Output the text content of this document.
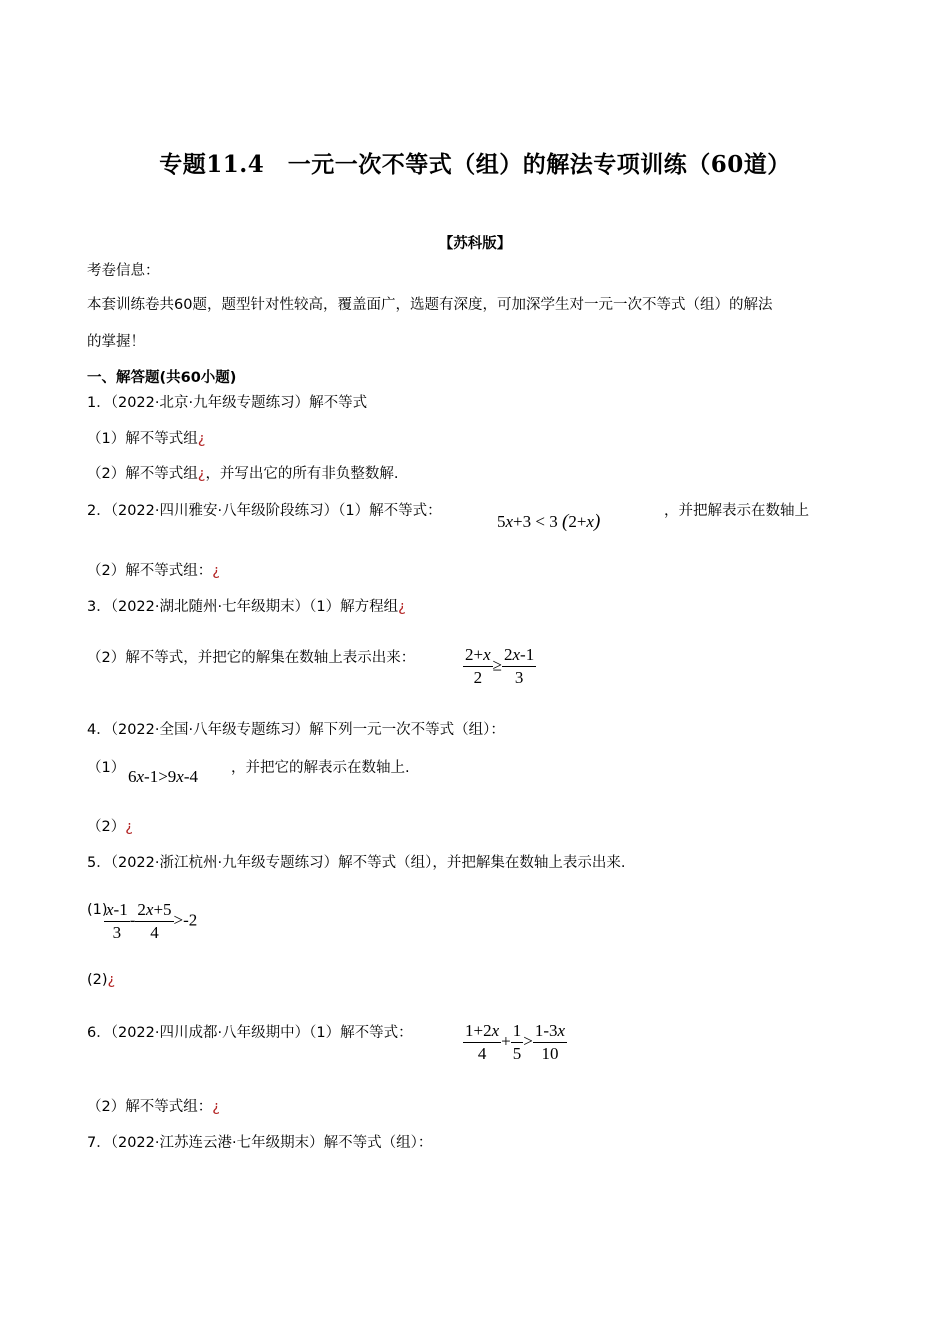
专题11.4　一元一次不等式（组）的解法专项训练（60道）
【苏科版】
考卷信息：
本套训练卷共60题，题型针对性较高，覆盖面广，选题有深度，可加深学生对一元一次不等式（组）的解法
的掌握！
一、解答题(共60小题)
1．（2022·北京·九年级专题练习）解不等式
（1）解不等式组¿
（2）解不等式组¿，并写出它的所有非负整数解.
2．（2022·四川雅安·八年级阶段练习）（1）解不等式：
5x+3 < 3 (2+x)	，并把解表示在数轴上
（2）解不等式组：¿
3．（2022·湖北随州·七年级期末）（1）解方程组¿
（2）解不等式，并把它的解集在数轴上表示出来：	$\frac{2+x}{2} \ge \frac{2x-1}{3}$
4．（2022·全国·八年级专题练习）解下列一元一次不等式（组）：
（1） 6x-1>9x-4 ，并把它的解表示在数轴上.
（2）¿
5．（2022·浙江杭州·九年级专题练习）解不等式（组），并把解集在数轴上表示出来.
(1)
$\frac{x-1}{3} - \frac{2x+5}{4} >-2$
(2)¿
6．（2022·四川成都·八年级期中）（1）解不等式：	$\frac{1+2x}{4} + \frac{1}{5} > \frac{1-3x}{10}$
（2）解不等式组：¿
7．（2022·江苏连云港·七年级期末）解不等式（组）：
